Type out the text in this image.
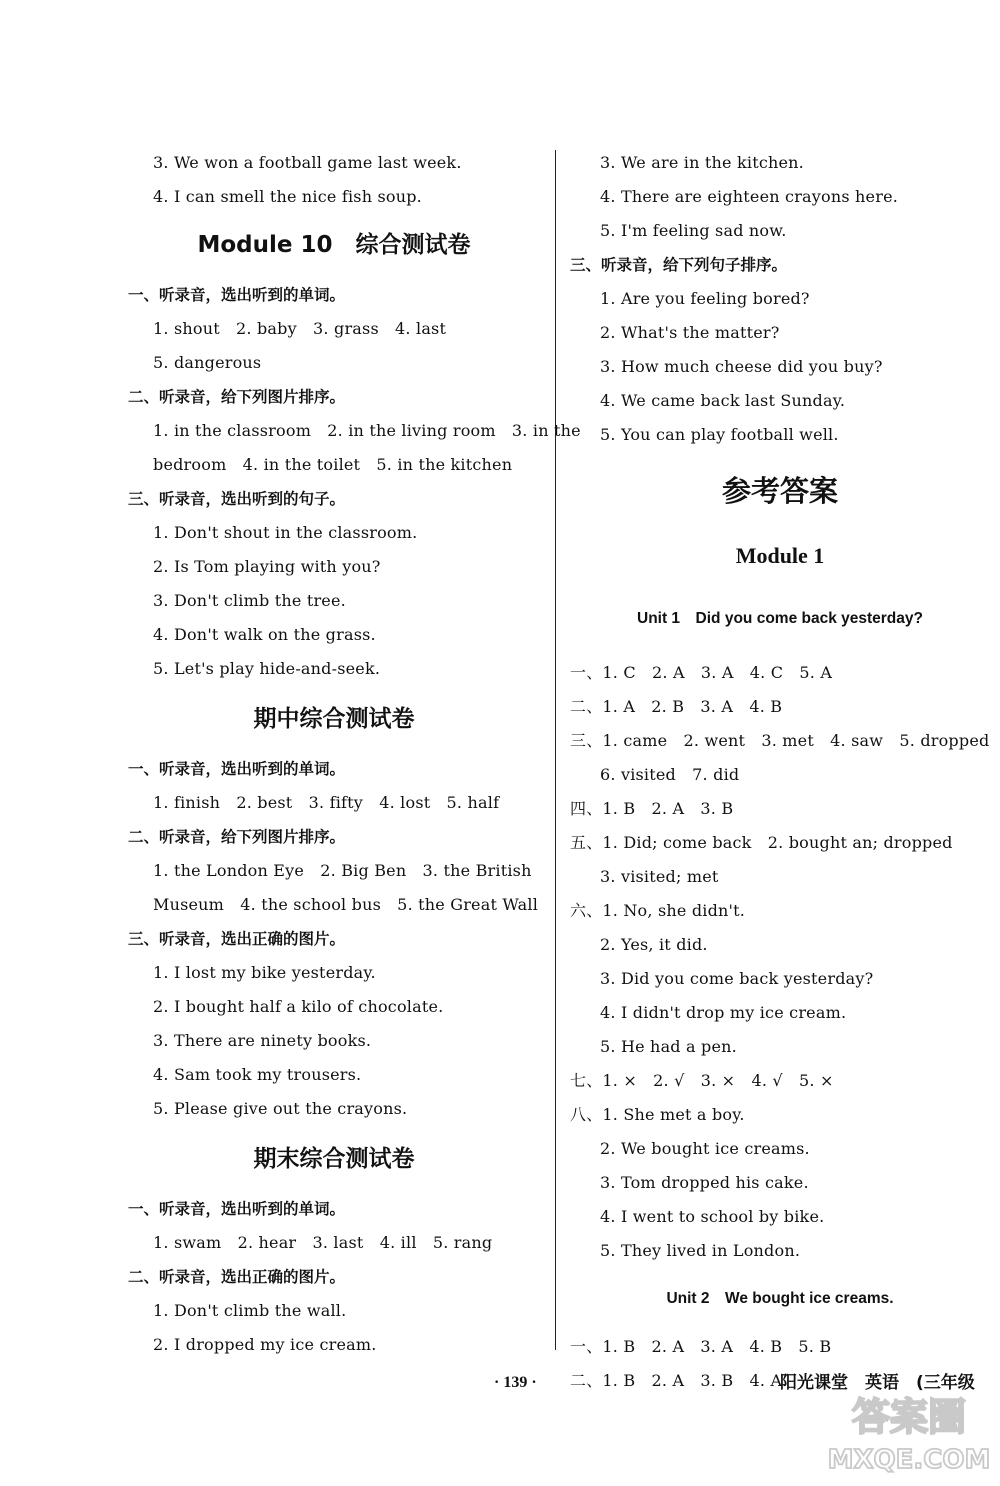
3. We won a football game last week.
4. I can smell the nice fish soup.
Module 10　综合测试卷
一、听录音，选出听到的单词。
1. shout　2. baby　3. grass　4. last
5. dangerous
二、听录音，给下列图片排序。
1. in the classroom　2. in the living room　3. in the
bedroom　4. in the toilet　5. in the kitchen
三、听录音，选出听到的句子。
1. Don't shout in the classroom.
2. Is Tom playing with you?
3. Don't climb the tree.
4. Don't walk on the grass.
5. Let's play hide-and-seek.
期中综合测试卷
一、听录音，选出听到的单词。
1. finish　2. best　3. fifty　4. lost　5. half
二、听录音，给下列图片排序。
1. the London Eye　2. Big Ben　3. the British
Museum　4. the school bus　5. the Great Wall
三、听录音，选出正确的图片。
1. I lost my bike yesterday.
2. I bought half a kilo of chocolate.
3. There are ninety books.
4. Sam took my trousers.
5. Please give out the crayons.
期末综合测试卷
一、听录音，选出听到的单词。
1. swam　2. hear　3. last　4. ill　5. rang
二、听录音，选出正确的图片。
1. Don't climb the wall.
2. I dropped my ice cream.
3. We are in the kitchen.
4. There are eighteen crayons here.
5. I'm feeling sad now.
三、听录音，给下列句子排序。
1. Are you feeling bored?
2. What's the matter?
3. How much cheese did you buy?
4. We came back last Sunday.
5. You can play football well.
参考答案
Module 1
Unit 1　Did you come back yesterday?
一、1. C　2. A　3. A　4. C　5. A
二、1. A　2. B　3. A　4. B
三、1. came　2. went　3. met　4. saw　5. dropped
6. visited　7. did
四、1. B　2. A　3. B
五、1. Did; come back　2. bought an; dropped
3. visited; met
六、1. No, she didn't.
2. Yes, it did.
3. Did you come back yesterday?
4. I didn't drop my ice cream.
5. He had a pen.
七、1. ×　2. √　3. ×　4. √　5. ×
八、1. She met a boy.
2. We bought ice creams.
3. Tom dropped his cake.
4. I went to school by bike.
5. They lived in London.
Unit 2　We bought ice creams.
一、1. B　2. A　3. A　4. B　5. B
二、1. B　2. A　3. B　4. A
· 139 ·	阳光课堂　英语　(三年级
答案圈
MXQE.COM
